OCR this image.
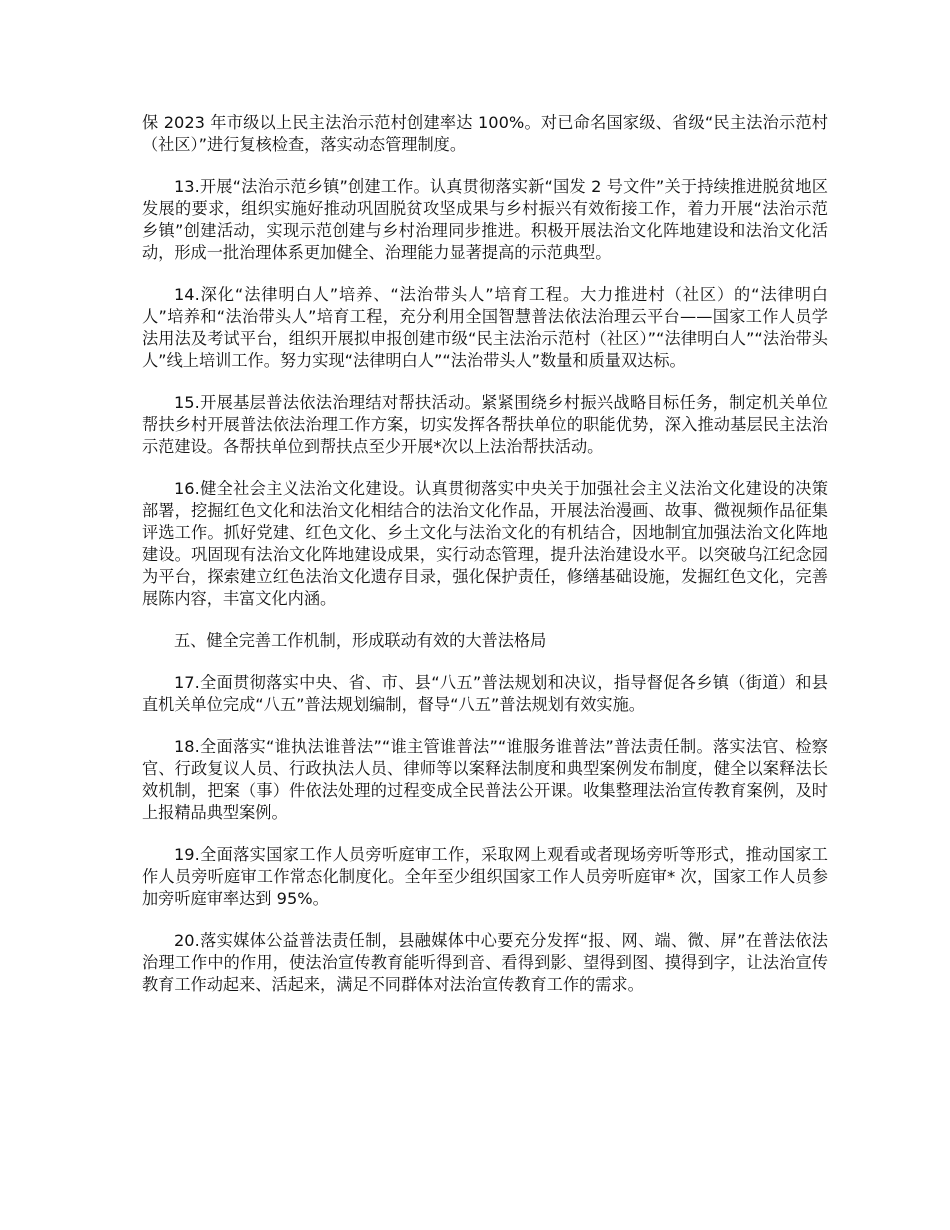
保 2023 年市级以上民主法治示范村创建率达 100%。对已命名国家级、省级“民主法治示范村（社区）”进行复核检查，落实动态管理制度。

13.开展“法治示范乡镇”创建工作。认真贯彻落实新“国发 2 号文件”关于持续推进脱贫地区发展的要求，组织实施好推动巩固脱贫攻坚成果与乡村振兴有效衔接工作，着力开展“法治示范乡镇”创建活动，实现示范创建与乡村治理同步推进。积极开展法治文化阵地建设和法治文化活动，形成一批治理体系更加健全、治理能力显著提高的示范典型。

14.深化“法律明白人”培养、“法治带头人”培育工程。大力推进村（社区）的“法律明白人”培养和“法治带头人”培育工程，充分利用全国智慧普法依法治理云平台——国家工作人员学法用法及考试平台，组织开展拟申报创建市级“民主法治示范村（社区）”“法律明白人”“法治带头人”线上培训工作。努力实现“法律明白人”“法治带头人”数量和质量双达标。

15.开展基层普法依法治理结对帮扶活动。紧紧围绕乡村振兴战略目标任务，制定机关单位帮扶乡村开展普法依法治理工作方案，切实发挥各帮扶单位的职能优势，深入推动基层民主法治示范建设。各帮扶单位到帮扶点至少开展*次以上法治帮扶活动。

16.健全社会主义法治文化建设。认真贯彻落实中央关于加强社会主义法治文化建设的决策部署，挖掘红色文化和法治文化相结合的法治文化作品，开展法治漫画、故事、微视频作品征集评选工作。抓好党建、红色文化、乡土文化与法治文化的有机结合，因地制宜加强法治文化阵地建设。巩固现有法治文化阵地建设成果，实行动态管理，提升法治建设水平。以突破乌江纪念园为平台，探索建立红色法治文化遗存目录，强化保护责任，修缮基础设施，发掘红色文化，完善展陈内容，丰富文化内涵。

五、健全完善工作机制，形成联动有效的大普法格局

17.全面贯彻落实中央、省、市、县“八五”普法规划和决议，指导督促各乡镇（街道）和县直机关单位完成“八五”普法规划编制，督导“八五”普法规划有效实施。

18.全面落实“谁执法谁普法”“谁主管谁普法”“谁服务谁普法”普法责任制。落实法官、检察官、行政复议人员、行政执法人员、律师等以案释法制度和典型案例发布制度，健全以案释法长效机制，把案（事）件依法处理的过程变成全民普法公开课。收集整理法治宣传教育案例，及时上报精品典型案例。

19.全面落实国家工作人员旁听庭审工作，采取网上观看或者现场旁听等形式，推动国家工作人员旁听庭审工作常态化制度化。全年至少组织国家工作人员旁听庭审* 次，国家工作人员参加旁听庭审率达到 95%。

20.落实媒体公益普法责任制，县融媒体中心要充分发挥“报、网、端、微、屏”在普法依法治理工作中的作用，使法治宣传教育能听得到音、看得到影、望得到图、摸得到字，让法治宣传教育工作动起来、活起来，满足不同群体对法治宣传教育工作的需求。
